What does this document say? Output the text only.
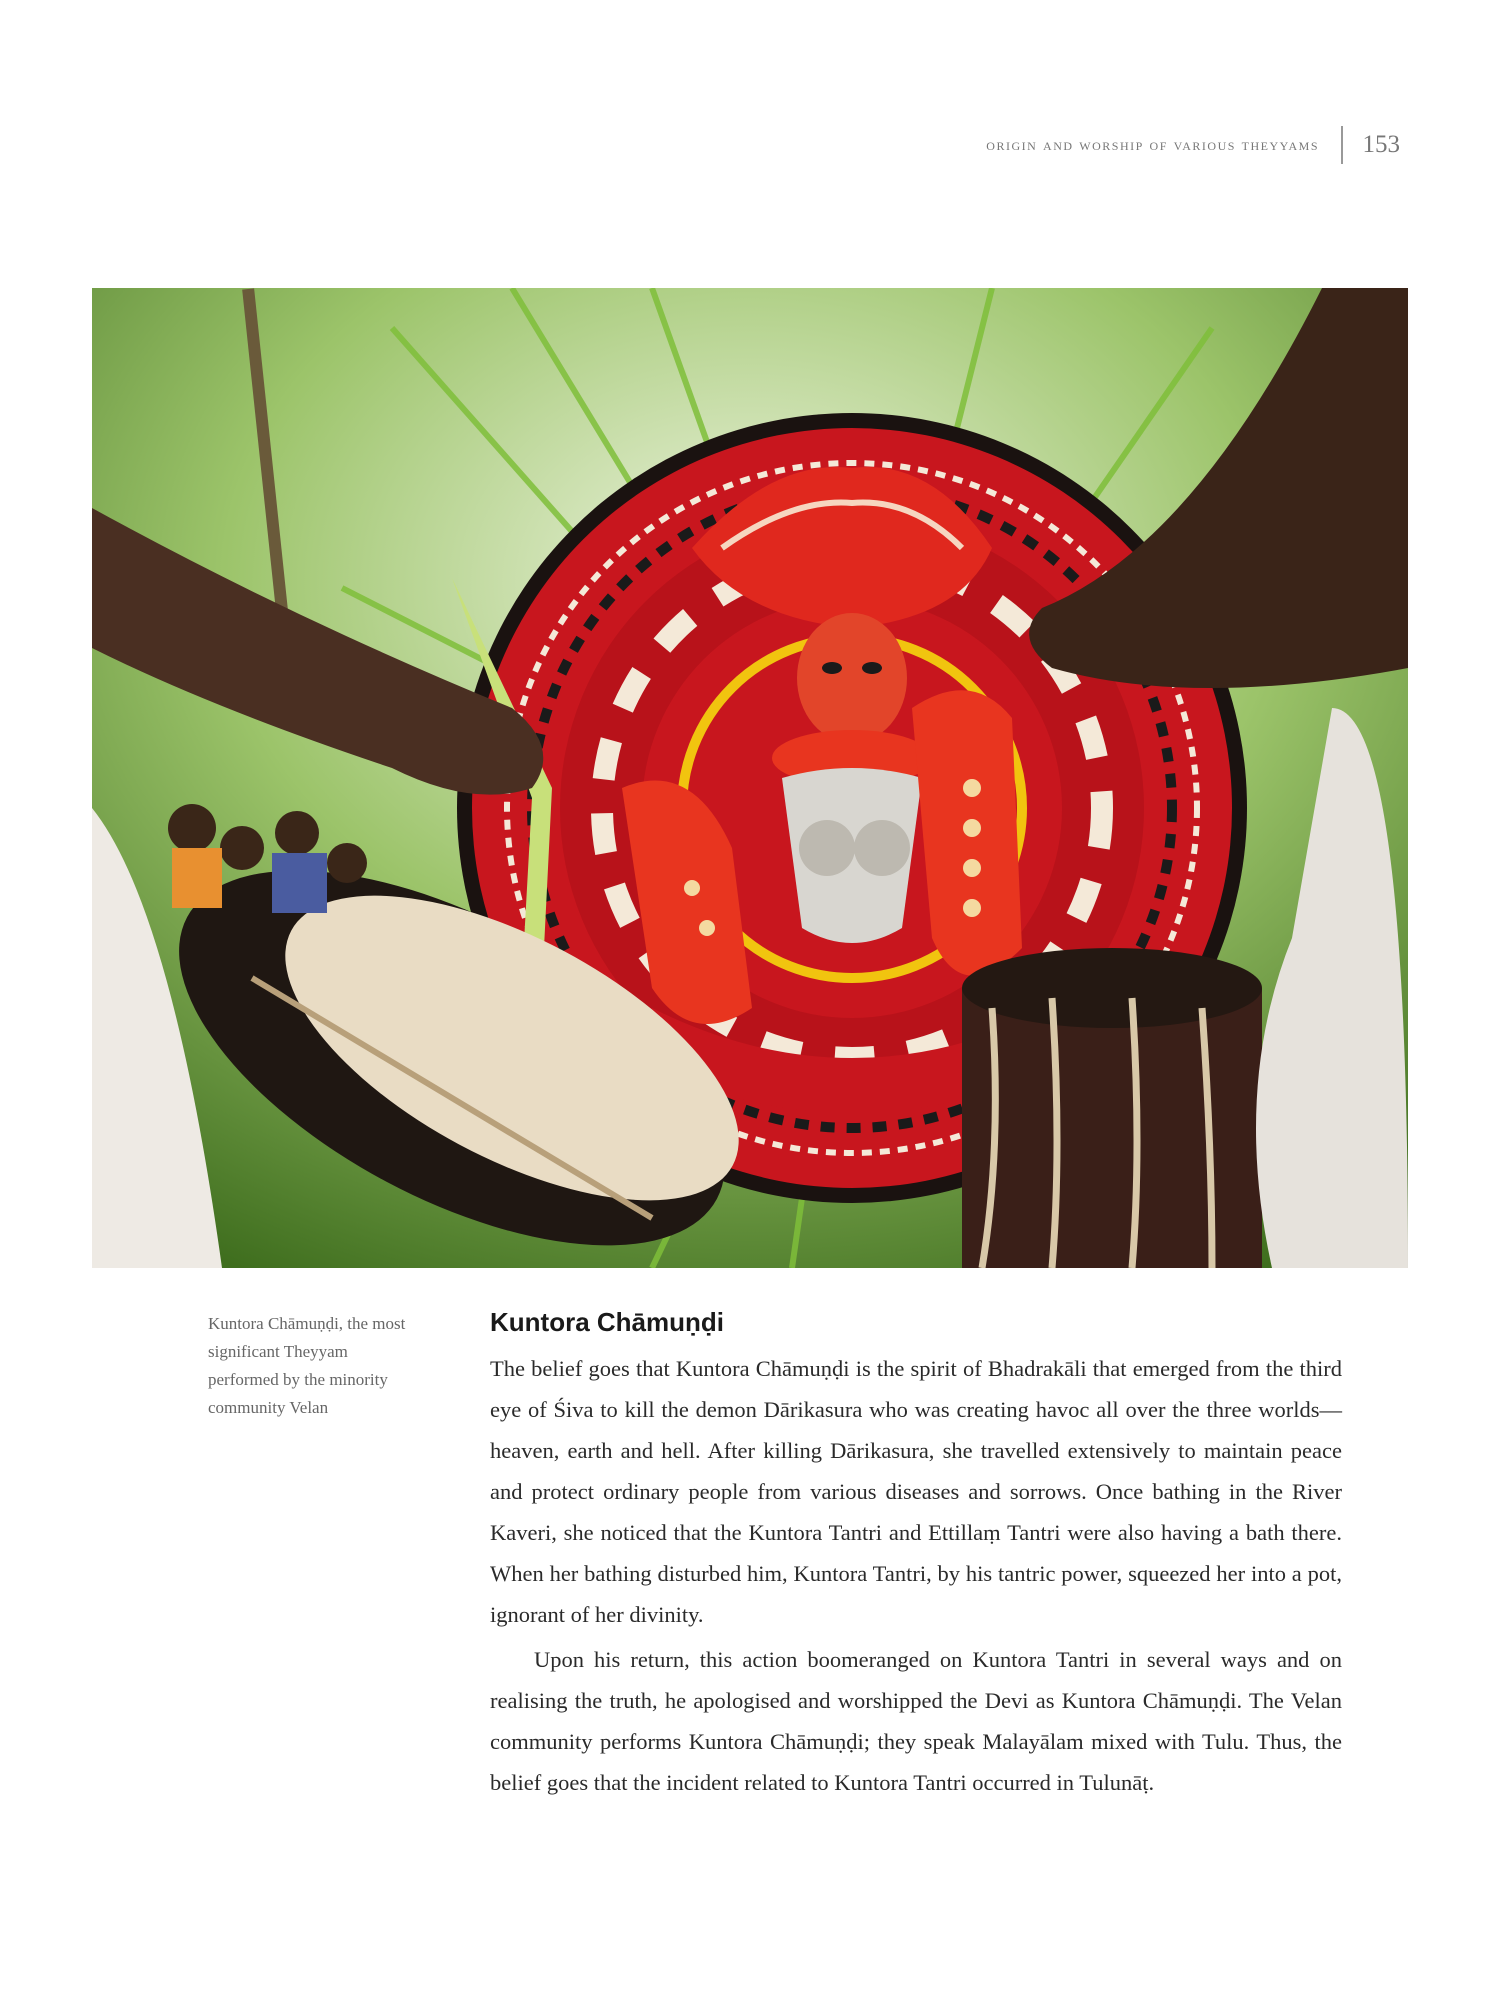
origin and worship of various theyyams 153
Kuntora Chāmuṇḍi, the most significant Theyyam performed by the minority community Velan
Kuntora Chāmuṇḍi

The belief goes that Kuntora Chāmuṇḍi is the spirit of Bhadrakāli that emerged from the third eye of Śiva to kill the demon Dārikasura who was creating havoc all over the three worlds—heaven, earth and hell. After killing Dārikasura, she travelled extensively to maintain peace and protect ordinary people from various diseases and sorrows. Once bathing in the River Kaveri, she noticed that the Kuntora Tantri and Ettillaṃ Tantri were also having a bath there. When her bathing disturbed him, Kuntora Tantri, by his tantric power, squeezed her into a pot, ignorant of her divinity.

Upon his return, this action boomeranged on Kuntora Tantri in several ways and on realising the truth, he apologised and worshipped the Devi as Kuntora Chāmuṇḍi. The Velan community performs Kuntora Chāmuṇḍi; they speak Malayālam mixed with Tulu. Thus, the belief goes that the incident related to Kuntora Tantri occurred in Tulunāṭ.
